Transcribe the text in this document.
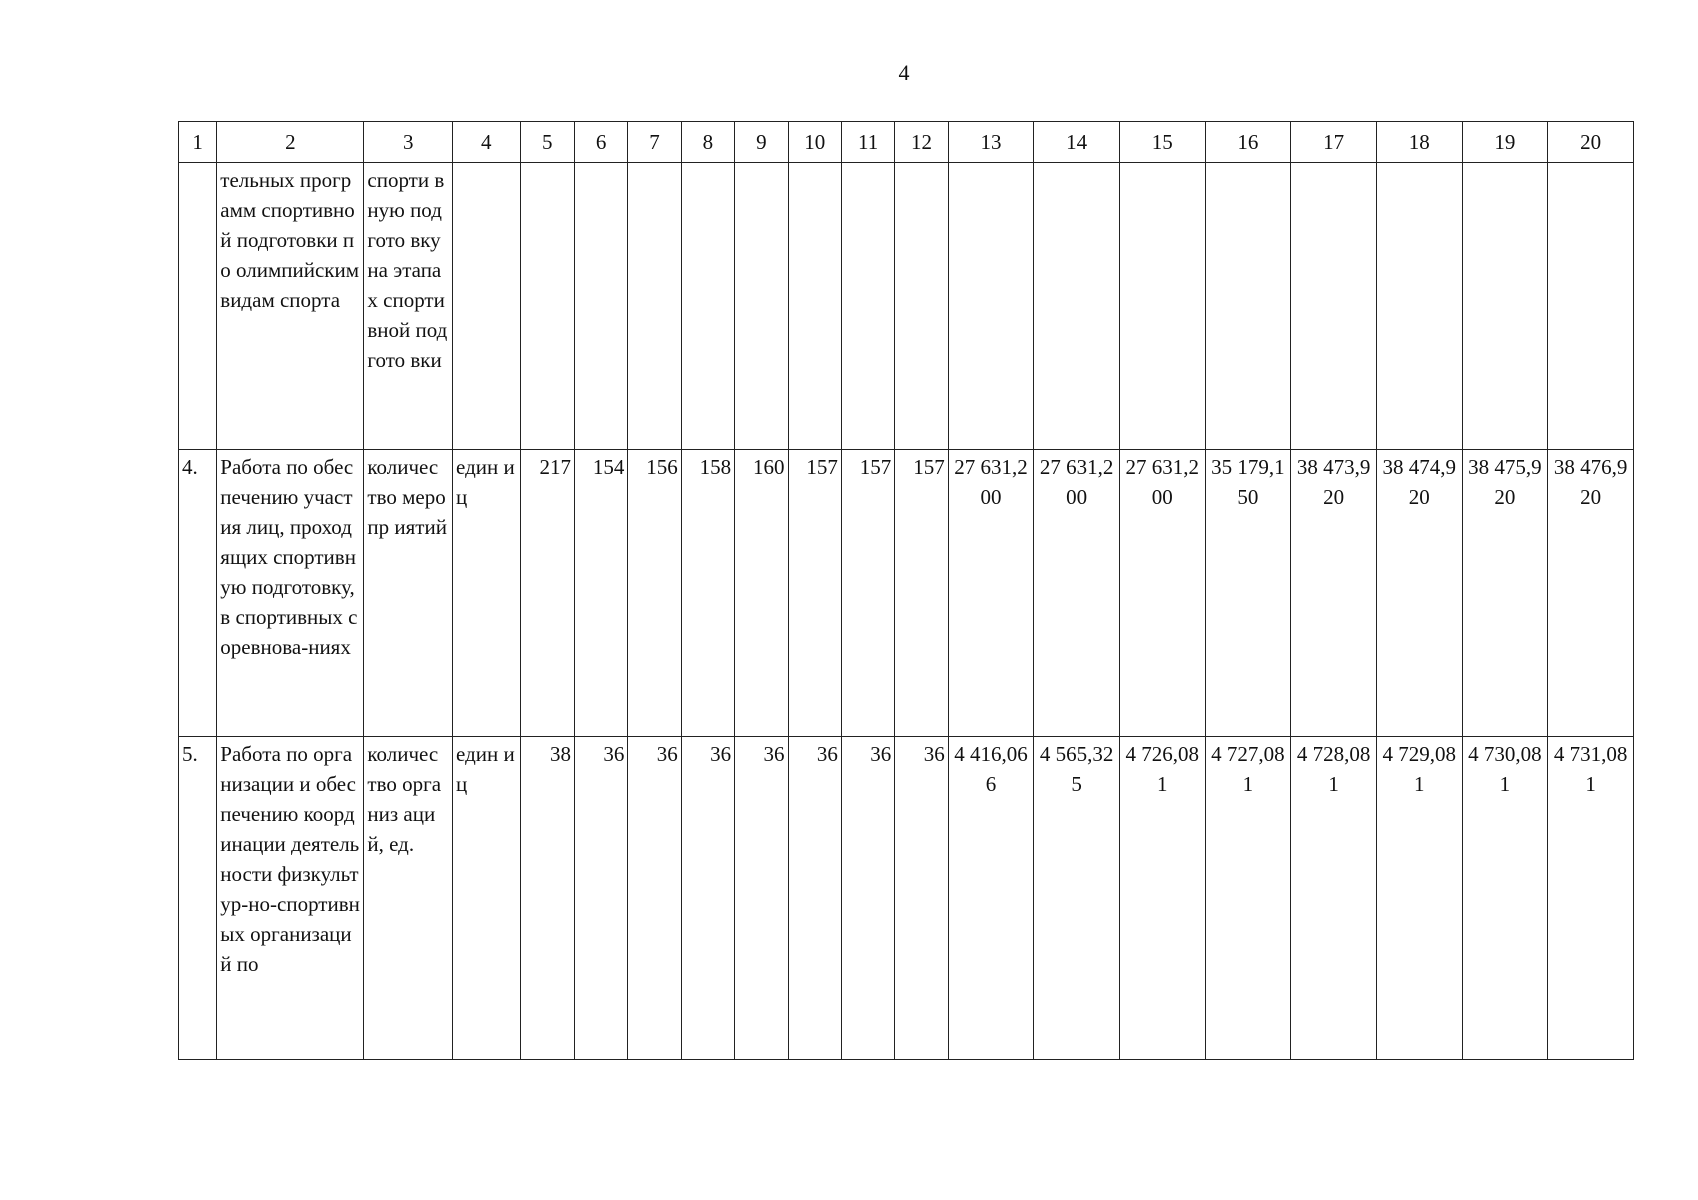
4
1	2	3	4	5	6	7	8	9	10	11	12	13	14	15	16	17	18	19	20
	тельных программ спортивной подготовки по олимпийским видам спорта	спорти вную подгото вку на этапах спорти вной подгото вки																	
4.	Работа по обеспечению участия лиц, проходящих спортивную подготовку, в спортивных соревнова-ниях	количес тво меропр иятий	един иц	217	154	156	158	160	157	157	157	27 631,200	27 631,200	27 631,200	35 179,150	38 473,920	38 474,920	38 475,920	38 476,920
5.	Работа по организации и обеспечению координации деятельности физкультур-но-спортивных организаций по	количес тво организ аций, ед.	един иц	38	36	36	36	36	36	36	36	4 416,066	4 565,325	4 726,081	4 727,081	4 728,081	4 729,081	4 730,081	4 731,081
